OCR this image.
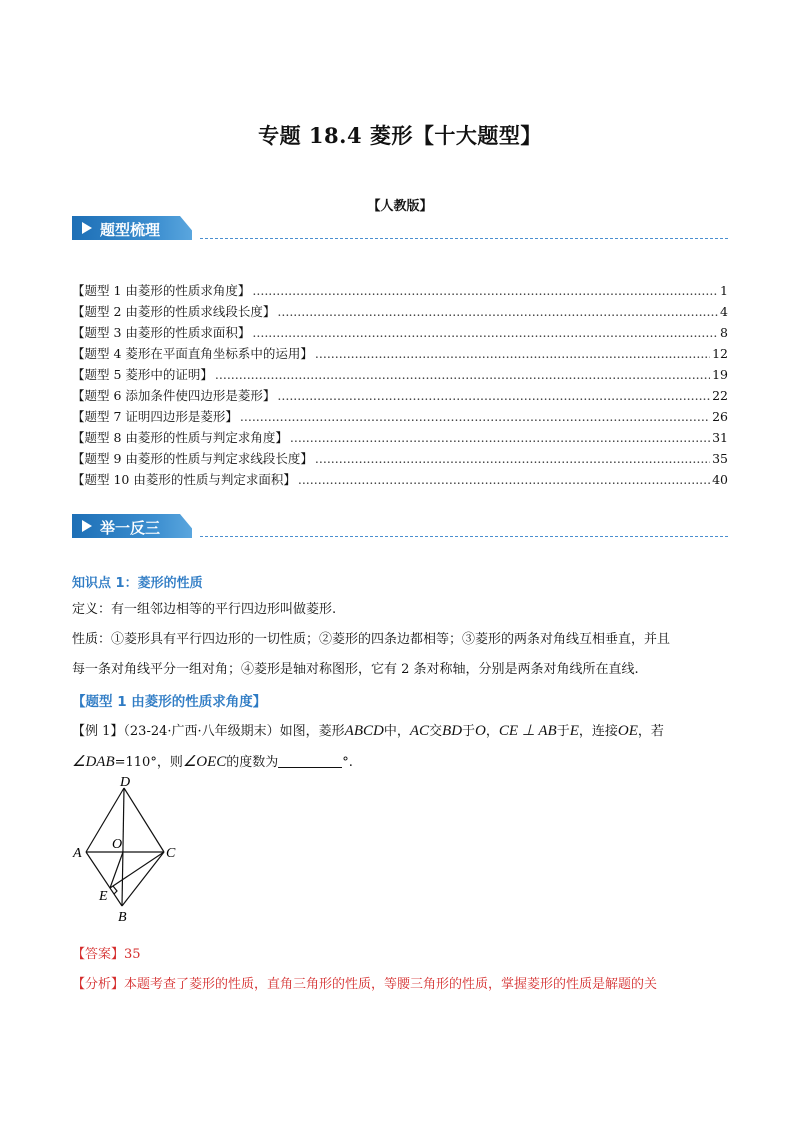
专题 18.4 菱形【十大题型】
【人教版】
题型梳理
【题型 1 由菱形的性质求角度】 .....	1
【题型 2 由菱形的性质求线段长度】 .....	4
【题型 3 由菱形的性质求面积】 .....	8
【题型 4 菱形在平面直角坐标系中的运用】 .....	12
【题型 5 菱形中的证明】 .....	19
【题型 6 添加条件使四边形是菱形】 .....	22
【题型 7 证明四边形是菱形】 .....	26
【题型 8 由菱形的性质与判定求角度】 .....	31
【题型 9 由菱形的性质与判定求线段长度】 .....	35
【题型 10 由菱形的性质与判定求面积】 .....	40
举一反三
知识点 1：菱形的性质
定义：有一组邻边相等的平行四边形叫做菱形.
性质：①菱形具有平行四边形的一切性质；②菱形的四条边都相等；③菱形的两条对角线互相垂直，并且
每一条对角线平分一组对角；④菱形是轴对称图形，它有 2 条对称轴，分别是两条对角线所在直线.
【题型 1 由菱形的性质求角度】
【例 1】（23-24·广西·八年级期末）如图，菱形ABCD中，AC交BD于O，CE ⊥ AB于E，连接OE，若
∠DAB=110°，则∠OEC的度数为	°.
D
A	C
O
E
B
【答案】35
【分析】本题考查了菱形的性质，直角三角形的性质，等腰三角形的性质，掌握菱形的性质是解题的关
